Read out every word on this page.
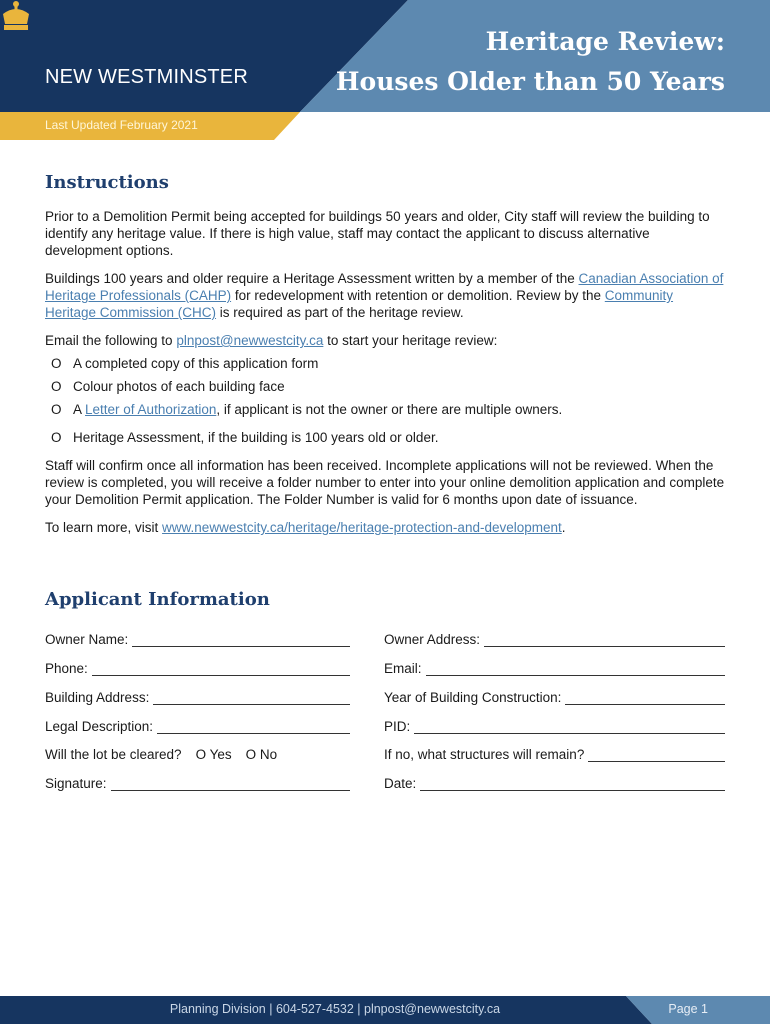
NEW WESTMINSTER
Heritage Review:
Houses Older than 50 Years
Last Updated February 2021
Instructions

Prior to a Demolition Permit being accepted for buildings 50 years and older, City staff will review the building to identify any heritage value. If there is high value, staff may contact the applicant to discuss alternative development options.

Buildings 100 years and older require a Heritage Assessment written by a member of the Canadian Association of Heritage Professionals (CAHP) for redevelopment with retention or demolition. Review by the Community Heritage Commission (CHC) is required as part of the heritage review.

Email the following to plnpost@newwestcity.ca to start your heritage review:

O A completed copy of this application form
O Colour photos of each building face
O A Letter of Authorization, if applicant is not the owner or there are multiple owners.
O Heritage Assessment, if the building is 100 years old or older.

Staff will confirm once all information has been received. Incomplete applications will not be reviewed. When the review is completed, you will receive a folder number to enter into your online demolition application and complete your Demolition Permit application. The Folder Number is valid for 6 months upon date of issuance.

To learn more, visit www.newwestcity.ca/heritage/heritage-protection-and-development.

Applicant Information
Owner Name:	Owner Address:
Phone:	Email:
Building Address:	Year of Building Construction:
Legal Description:	PID:
Will the lot be cleared? O Yes O No	If no, what structures will remain?
Signature:	Date:
Planning Division | 604-527-4532 | plnpost@newwestcity.ca	Page 1
